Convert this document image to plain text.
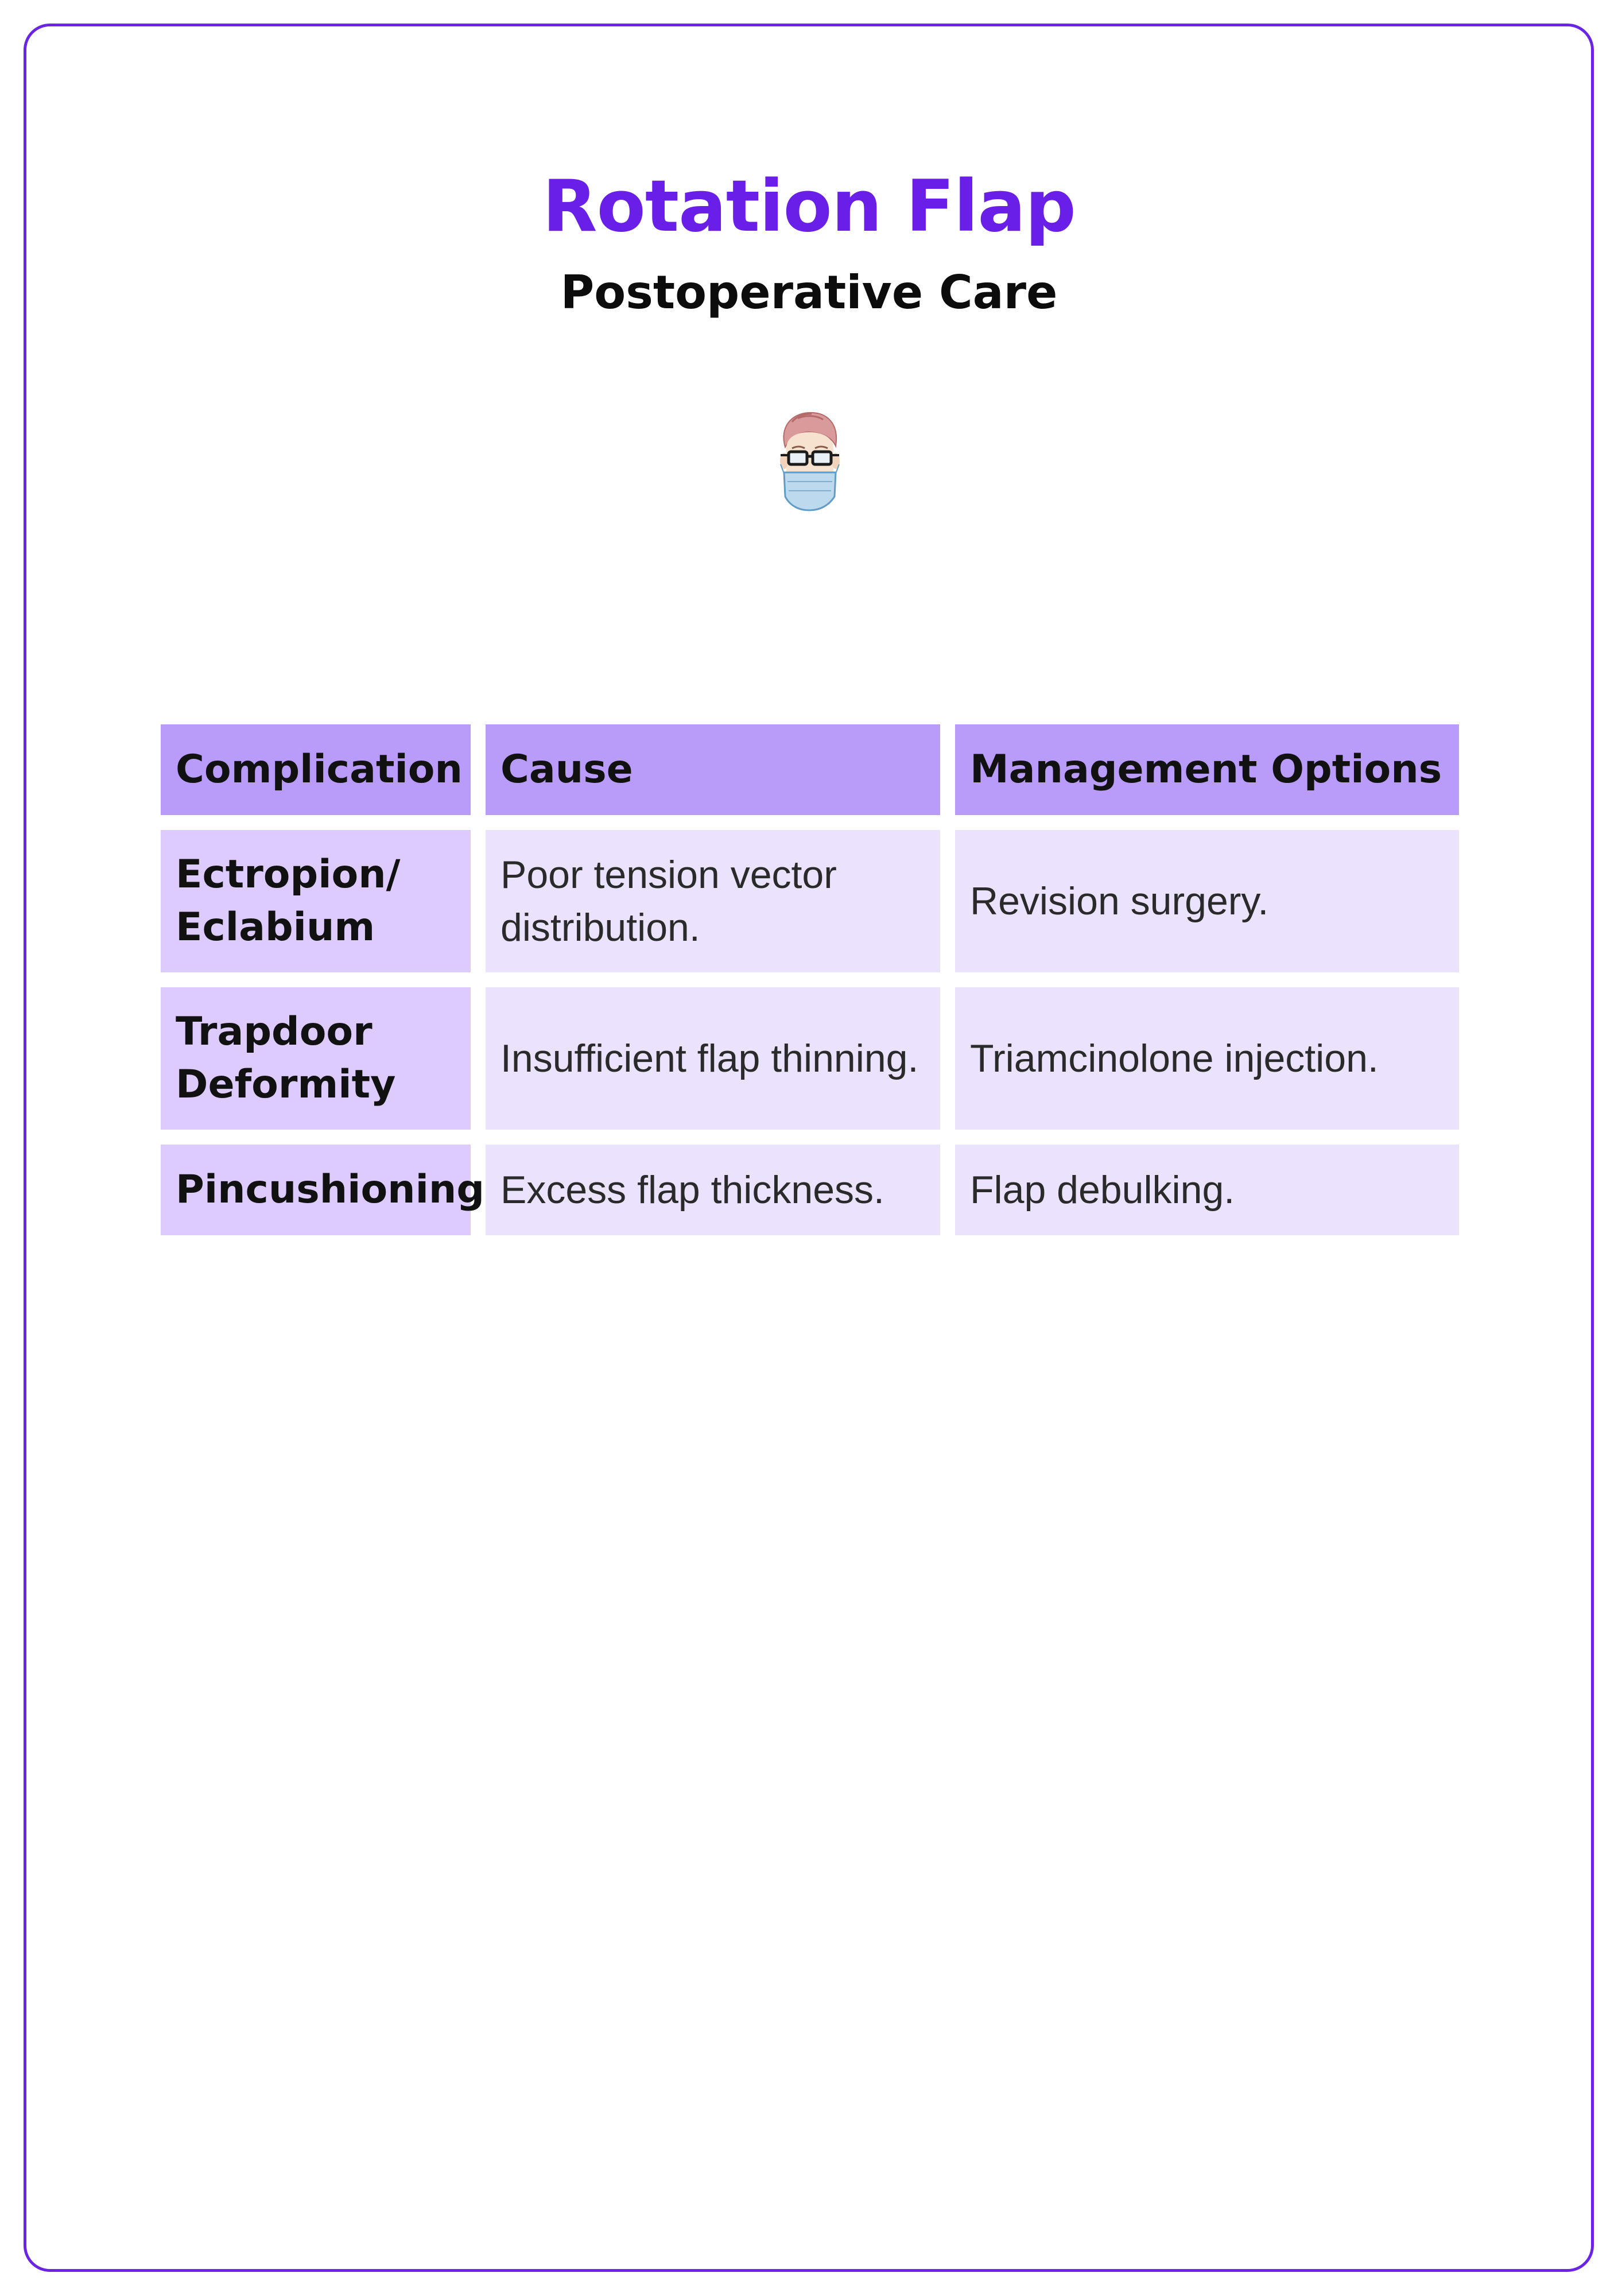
Rotation Flap
Postoperative Care
Complication	Cause	Management Options
Ectropion/ Eclabium	Poor tension vector distribution.	Revision surgery.
Trapdoor Deformity	Insufficient flap thinning.	Triamcinolone injection.
Pincushioning	Excess flap thickness.	Flap debulking.
